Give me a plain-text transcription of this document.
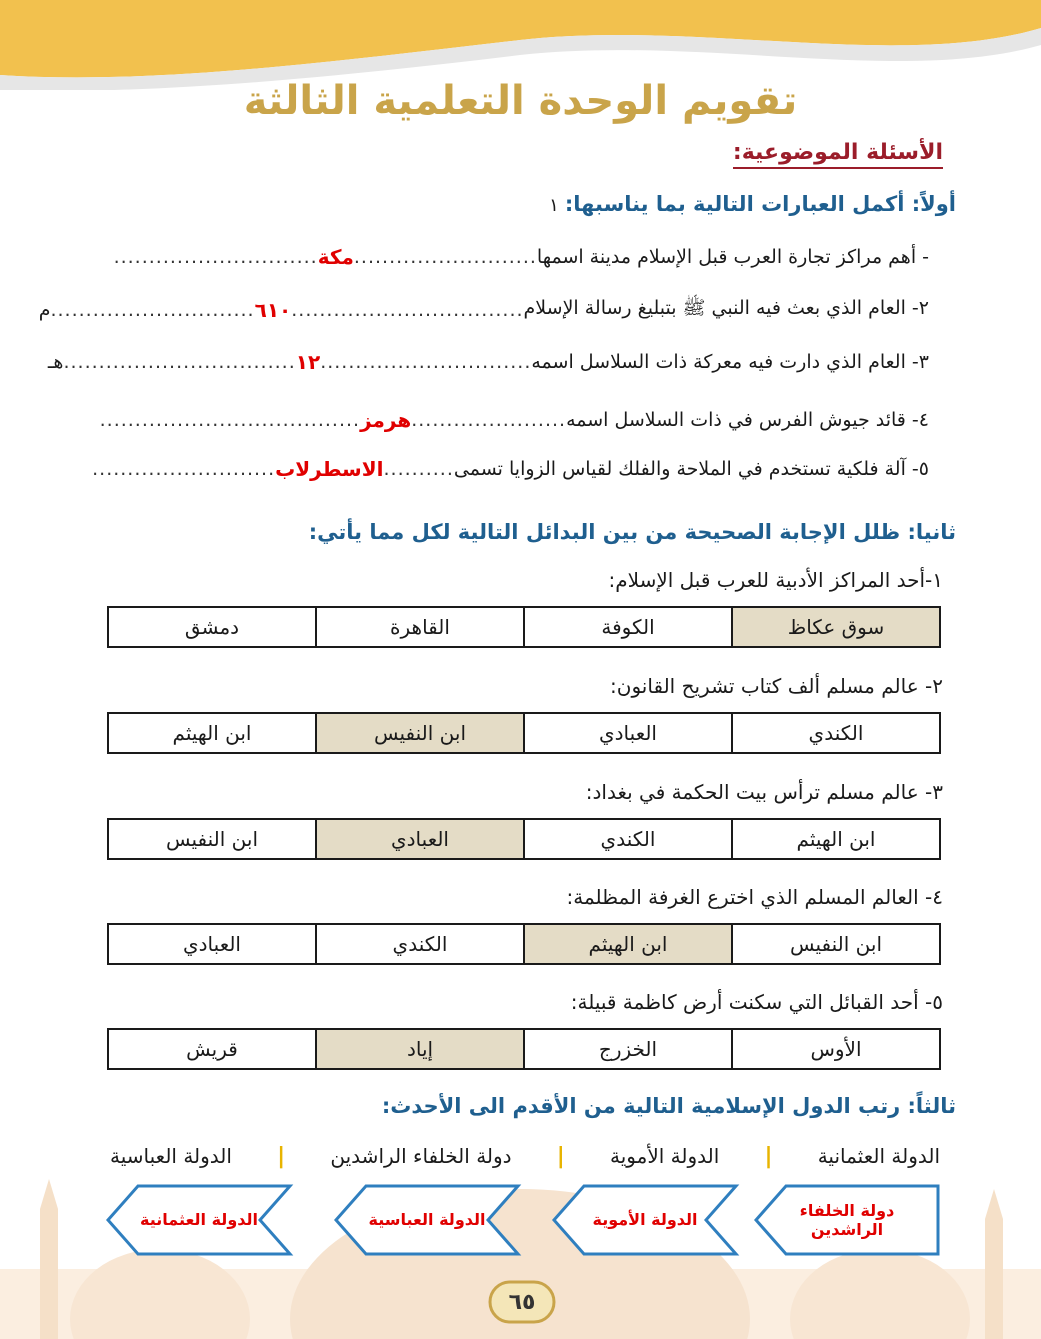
تقويم الوحدة التعلمية الثالثة
الأسئلة الموضوعية:
أولاً: أكمل العبارات التالية بما يناسبها:١
- أهم مراكز تجارة العرب قبل الإسلام مدينة اسمها
..........................
مكة
.............................
٢- العام الذي بعث فيه النبي ﷺ بتبليغ رسالة الإسلام
.................................
٦١٠
.............................
م
٣- العام الذي دارت فيه معركة ذات السلاسل اسمه
..............................
١٢
.................................
هـ
٤- قائد جيوش الفرس في ذات السلاسل اسمه
......................
هرمز
.....................................
٥- آلة فلكية تستخدم في الملاحة والفلك لقياس الزوايا تسمى
..........
الاسطرلاب
..........................
ثانيا: ظلل الإجابة الصحيحة من بين البدائل التالية لكل مما يأتي:
١-أحد المراكز الأدبية للعرب قبل الإسلام:
سوق عكاظ	الكوفة	القاهرة	دمشق
٢- عالم مسلم ألف كتاب تشريح القانون:
الكندي	العبادي	ابن النفيس	ابن الهيثم
٣- عالم مسلم ترأس بيت الحكمة في بغداد:
ابن الهيثم	الكندي	العبادي	ابن النفيس
٤- العالم المسلم الذي اخترع الغرفة المظلمة:
ابن النفيس	ابن الهيثم	الكندي	العبادي
٥- أحد القبائل التي سكنت أرض كاظمة قبيلة:
الأوس	الخزرج	إياد	قريش
ثالثاً: رتب الدول الإسلامية التالية من الأقدم الى الأحدث:
الدولة العثمانية
|
الدولة الأموية
|
دولة الخلفاء الراشدين
|
الدولة العباسية
دولة الخلفاء الراشدين
الدولة الأموية
الدولة العباسية
الدولة العثمانية
٦٥
